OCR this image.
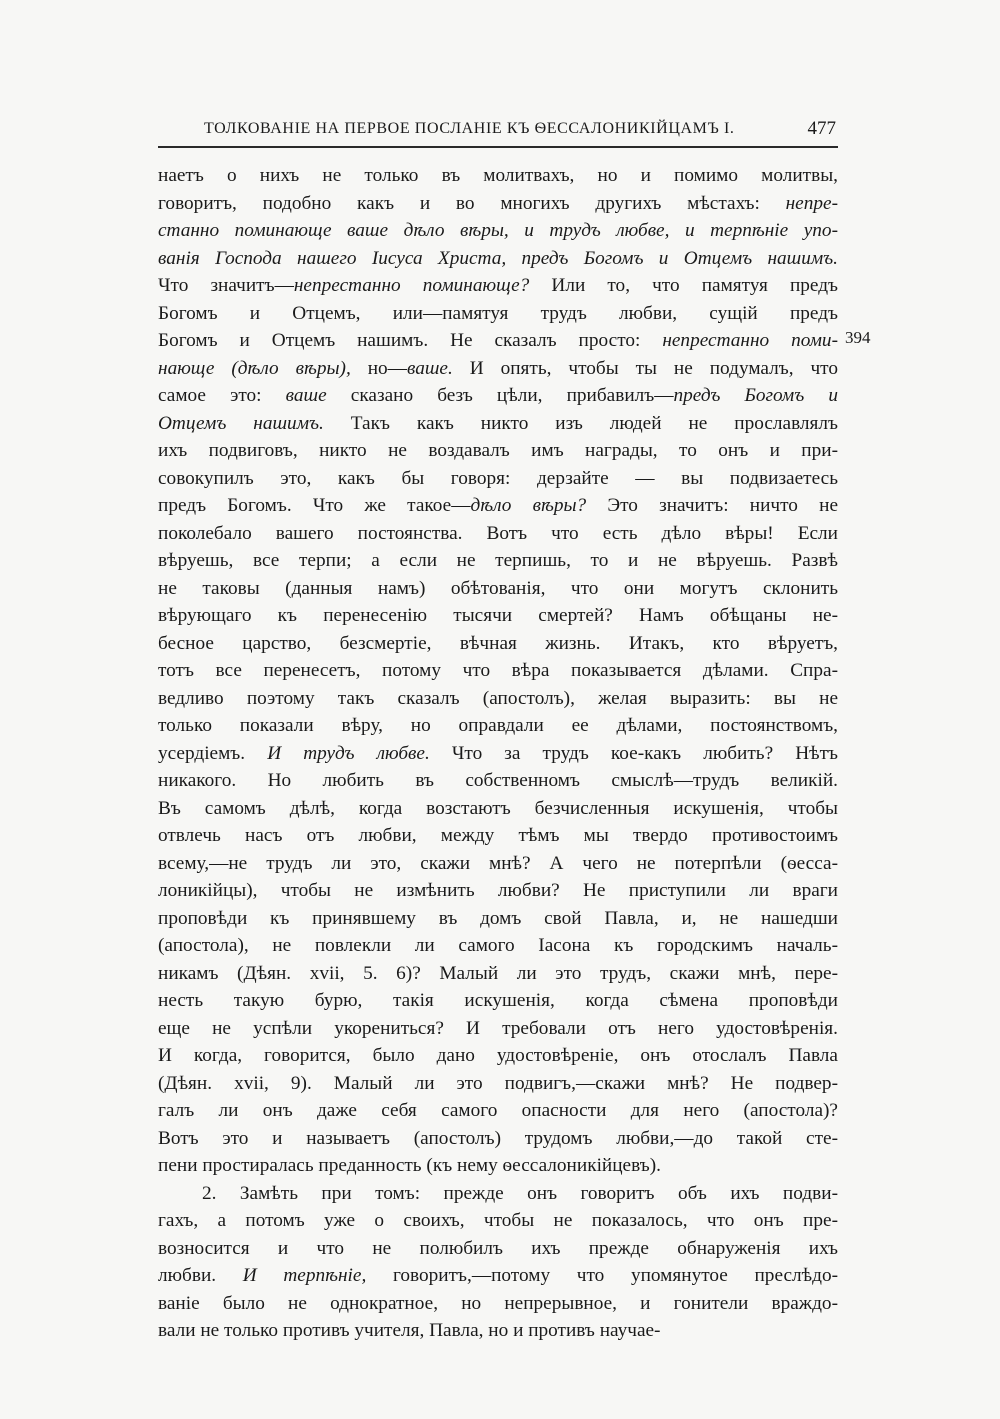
ТОЛКОВАНІЕ НА ПЕРВОЕ ПОСЛАНІЕ КЪ ѲЕССАЛОНИКІЙЦАМЪ І.	477
394
наетъ о нихъ не только въ молитвахъ, но и помимо молитвы,
говоритъ, подобно какъ и во многихъ другихъ мѣстахъ: непре-
станно поминающе ваше дѣло вѣры, и трудъ любве, и терпѣніе упо-
ванія Господа нашего Іисуса Христа, предъ Богомъ и Отцемъ нашимъ.
Что значитъ—непрестанно поминающе? Или то, что памятуя предъ
Богомъ и Отцемъ, или—памятуя трудъ любви, сущій предъ
Богомъ и Отцемъ нашимъ. Не сказалъ просто: непрестанно поми-
нающе (дѣло вѣры), но—ваше. И опять, чтобы ты не подумалъ, что
самое это: ваше сказано безъ цѣли, прибавилъ—предъ Богомъ и
Отцемъ нашимъ. Такъ какъ никто изъ людей не прославлялъ
ихъ подвиговъ, никто не воздавалъ имъ награды, то онъ и при-
совокупилъ это, какъ бы говоря: дерзайте — вы подвизаетесь
предъ Богомъ. Что же такое—дѣло вѣры? Это значитъ: ничто не
поколебало вашего постоянства. Вотъ что есть дѣло вѣры! Если
вѣруешь, все терпи; а если не терпишь, то и не вѣруешь. Развѣ
не таковы (данныя намъ) обѣтованія, что они могутъ склонить
вѣрующаго къ перенесенію тысячи смертей? Намъ обѣщаны не-
бесное царство, безсмертіе, вѣчная жизнь. Итакъ, кто вѣруетъ,
тотъ все перенесетъ, потому что вѣра показывается дѣлами. Спра-
ведливо поэтому такъ сказалъ (апостолъ), желая выразить: вы не
только показали вѣру, но оправдали ее дѣлами, постоянствомъ,
усердіемъ. И трудъ любве. Что за трудъ кое-какъ любить? Нѣтъ
никакого. Но любить въ собственномъ смыслѣ—трудъ великій.
Въ самомъ дѣлѣ, когда возстаютъ безчисленныя искушенія, чтобы
отвлечь насъ отъ любви, между тѣмъ мы твердо противостоимъ
всему,—не трудъ ли это, скажи мнѣ? А чего не потерпѣли (ѳесса-
лоникійцы), чтобы не измѣнить любви? Не приступили ли враги
проповѣди къ принявшему въ домъ свой Павла, и, не нашедши
(апостола), не повлекли ли самого Іасона къ городскимъ началь-
никамъ (Дѣян. xvii, 5. 6)? Малый ли это трудъ, скажи мнѣ, пере-
несть такую бурю, такія искушенія, когда сѣмена проповѣди
еще не успѣли укорениться? И требовали отъ него удостовѣренія.
И когда, говорится, было дано удостовѣреніе, онъ отослалъ Павла
(Дѣян. xvii, 9). Малый ли это подвигъ,—скажи мнѣ? Не подвер-
галъ ли онъ даже себя самого опасности для него (апостола)?
Вотъ это и называетъ (апостолъ) трудомъ любви,—до такой сте-
пени простиралась преданность (къ нему ѳессалоникійцевъ).
2. Замѣть при томъ: прежде онъ говоритъ объ ихъ подви-
гахъ, а потомъ уже о своихъ, чтобы не показалось, что онъ пре-
возносится и что не полюбилъ ихъ прежде обнаруженія ихъ
любви. И терпѣніе, говоритъ,—потому что упомянутое преслѣдо-
ваніе было не однократное, но непрерывное, и гонители враждо-
вали не только противъ учителя, Павла, но и противъ научае-
